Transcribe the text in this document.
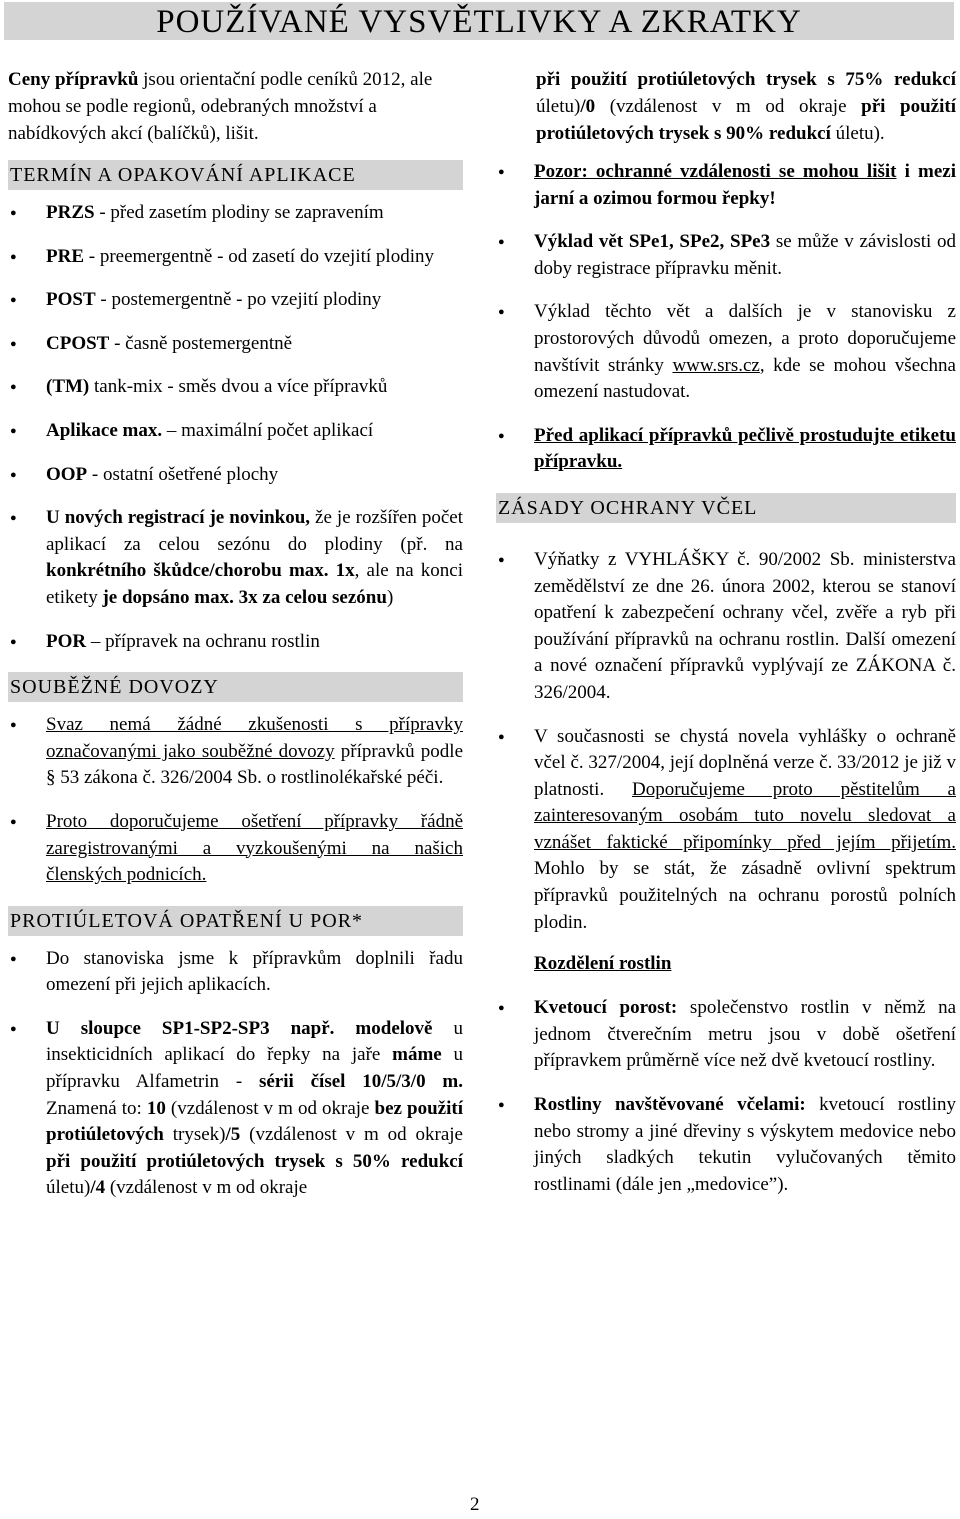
POUŽÍVANÉ VYSVĚTLIVKY A ZKRATKY

Ceny přípravků jsou orientační podle ceníků 2012, ale mohou se podle regionů, odebraných množství a nabídkových akcí (balíčků), lišit.

TERMÍN A OPAKOVÁNÍ APLIKACE
● PRZS - před zasetím plodiny se zapravením
● PRE - preemergentně - od zasetí do vzejití plodiny
● POST - postemergentně - po vzejití plodiny
● CPOST - časně postemergentně
● (TM) tank-mix - směs dvou a více přípravků
● Aplikace max. – maximální počet aplikací
● OOP - ostatní ošetřené plochy
● U nových registrací je novinkou, že je rozšířen počet aplikací za celou sezónu do plodiny (př. na konkrétního škůdce/chorobu max. 1x, ale na konci etikety je dopsáno max. 3x za celou sezónu)
● POR – přípravek na ochranu rostlin
SOUBĚŽNÉ DOVOZY
● Svaz nemá žádné zkušenosti s přípravky označovanými jako souběžné dovozy přípravků podle § 53 zákona č. 326/2004 Sb. o rostlinolékařské péči.
● Proto doporučujeme ošetření přípravky řádně zaregistrovanými a vyzkoušenými na našich členských podnicích.
PROTIÚLETOVÁ OPATŘENÍ U POR*
● Do stanoviska jsme k přípravkům doplnili řadu omezení při jejich aplikacích.
● U sloupce SP1-SP2-SP3 např. modelově u insekticidních aplikací do řepky na jaře máme u přípravku Alfametrin - sérii čísel 10/5/3/0 m. Znamená to: 10 (vzdálenost v m od okraje bez použití protiúletových trysek)/5 (vzdálenost v m od okraje při použití protiúletových trysek s 50% redukcí úletu)/4 (vzdálenost v m od okraje

při použití protiúletových trysek s 75% redukcí úletu)/0 (vzdálenost v m od okraje při použití protiúletových trysek s 90% redukcí úletu).

● Pozor: ochranné vzdálenosti se mohou lišit i mezi jarní a ozimou formou řepky!
● Výklad vět SPe1, SPe2, SPe3 se může v závislosti od doby registrace přípravku měnit.
● Výklad těchto vět a dalších je v stanovisku z prostorových důvodů omezen, a proto doporučujeme navštívit stránky www.srs.cz, kde se mohou všechna omezení nastudovat.
● Před aplikací přípravků pečlivě prostudujte etiketu přípravku.
ZÁSADY OCHRANY VČEL
● Výňatky z VYHLÁŠKY č. 90/2002 Sb. ministerstva zemědělství ze dne 26. února 2002, kterou se stanoví opatření k zabezpečení ochrany včel, zvěře a ryb při používání přípravků na ochranu rostlin. Další omezení a nové označení přípravků vyplývají ze ZÁKONA č. 326/2004.
● V současnosti se chystá novela vyhlášky o ochraně včel č. 327/2004, její doplněná verze č. 33/2012 je již v platnosti. Doporučujeme proto pěstitelům a zainteresovaným osobám tuto novelu sledovat a vznášet faktické připomínky před jejím přijetím. Mohlo by se stát, že zásadně ovlivní spektrum přípravků použitelných na ochranu porostů polních plodin.
Rozdělení rostlin
● Kvetoucí porost: společenstvo rostlin v němž na jednom čtverečním metru jsou v době ošetření přípravkem průměrně více než dvě kvetoucí rostliny.
● Rostliny navštěvované včelami: kvetoucí rostliny nebo stromy a jiné dřeviny s výskytem medovice nebo jiných sladkých tekutin vylučovaných těmito rostlinami (dále jen „medovice”).
2
